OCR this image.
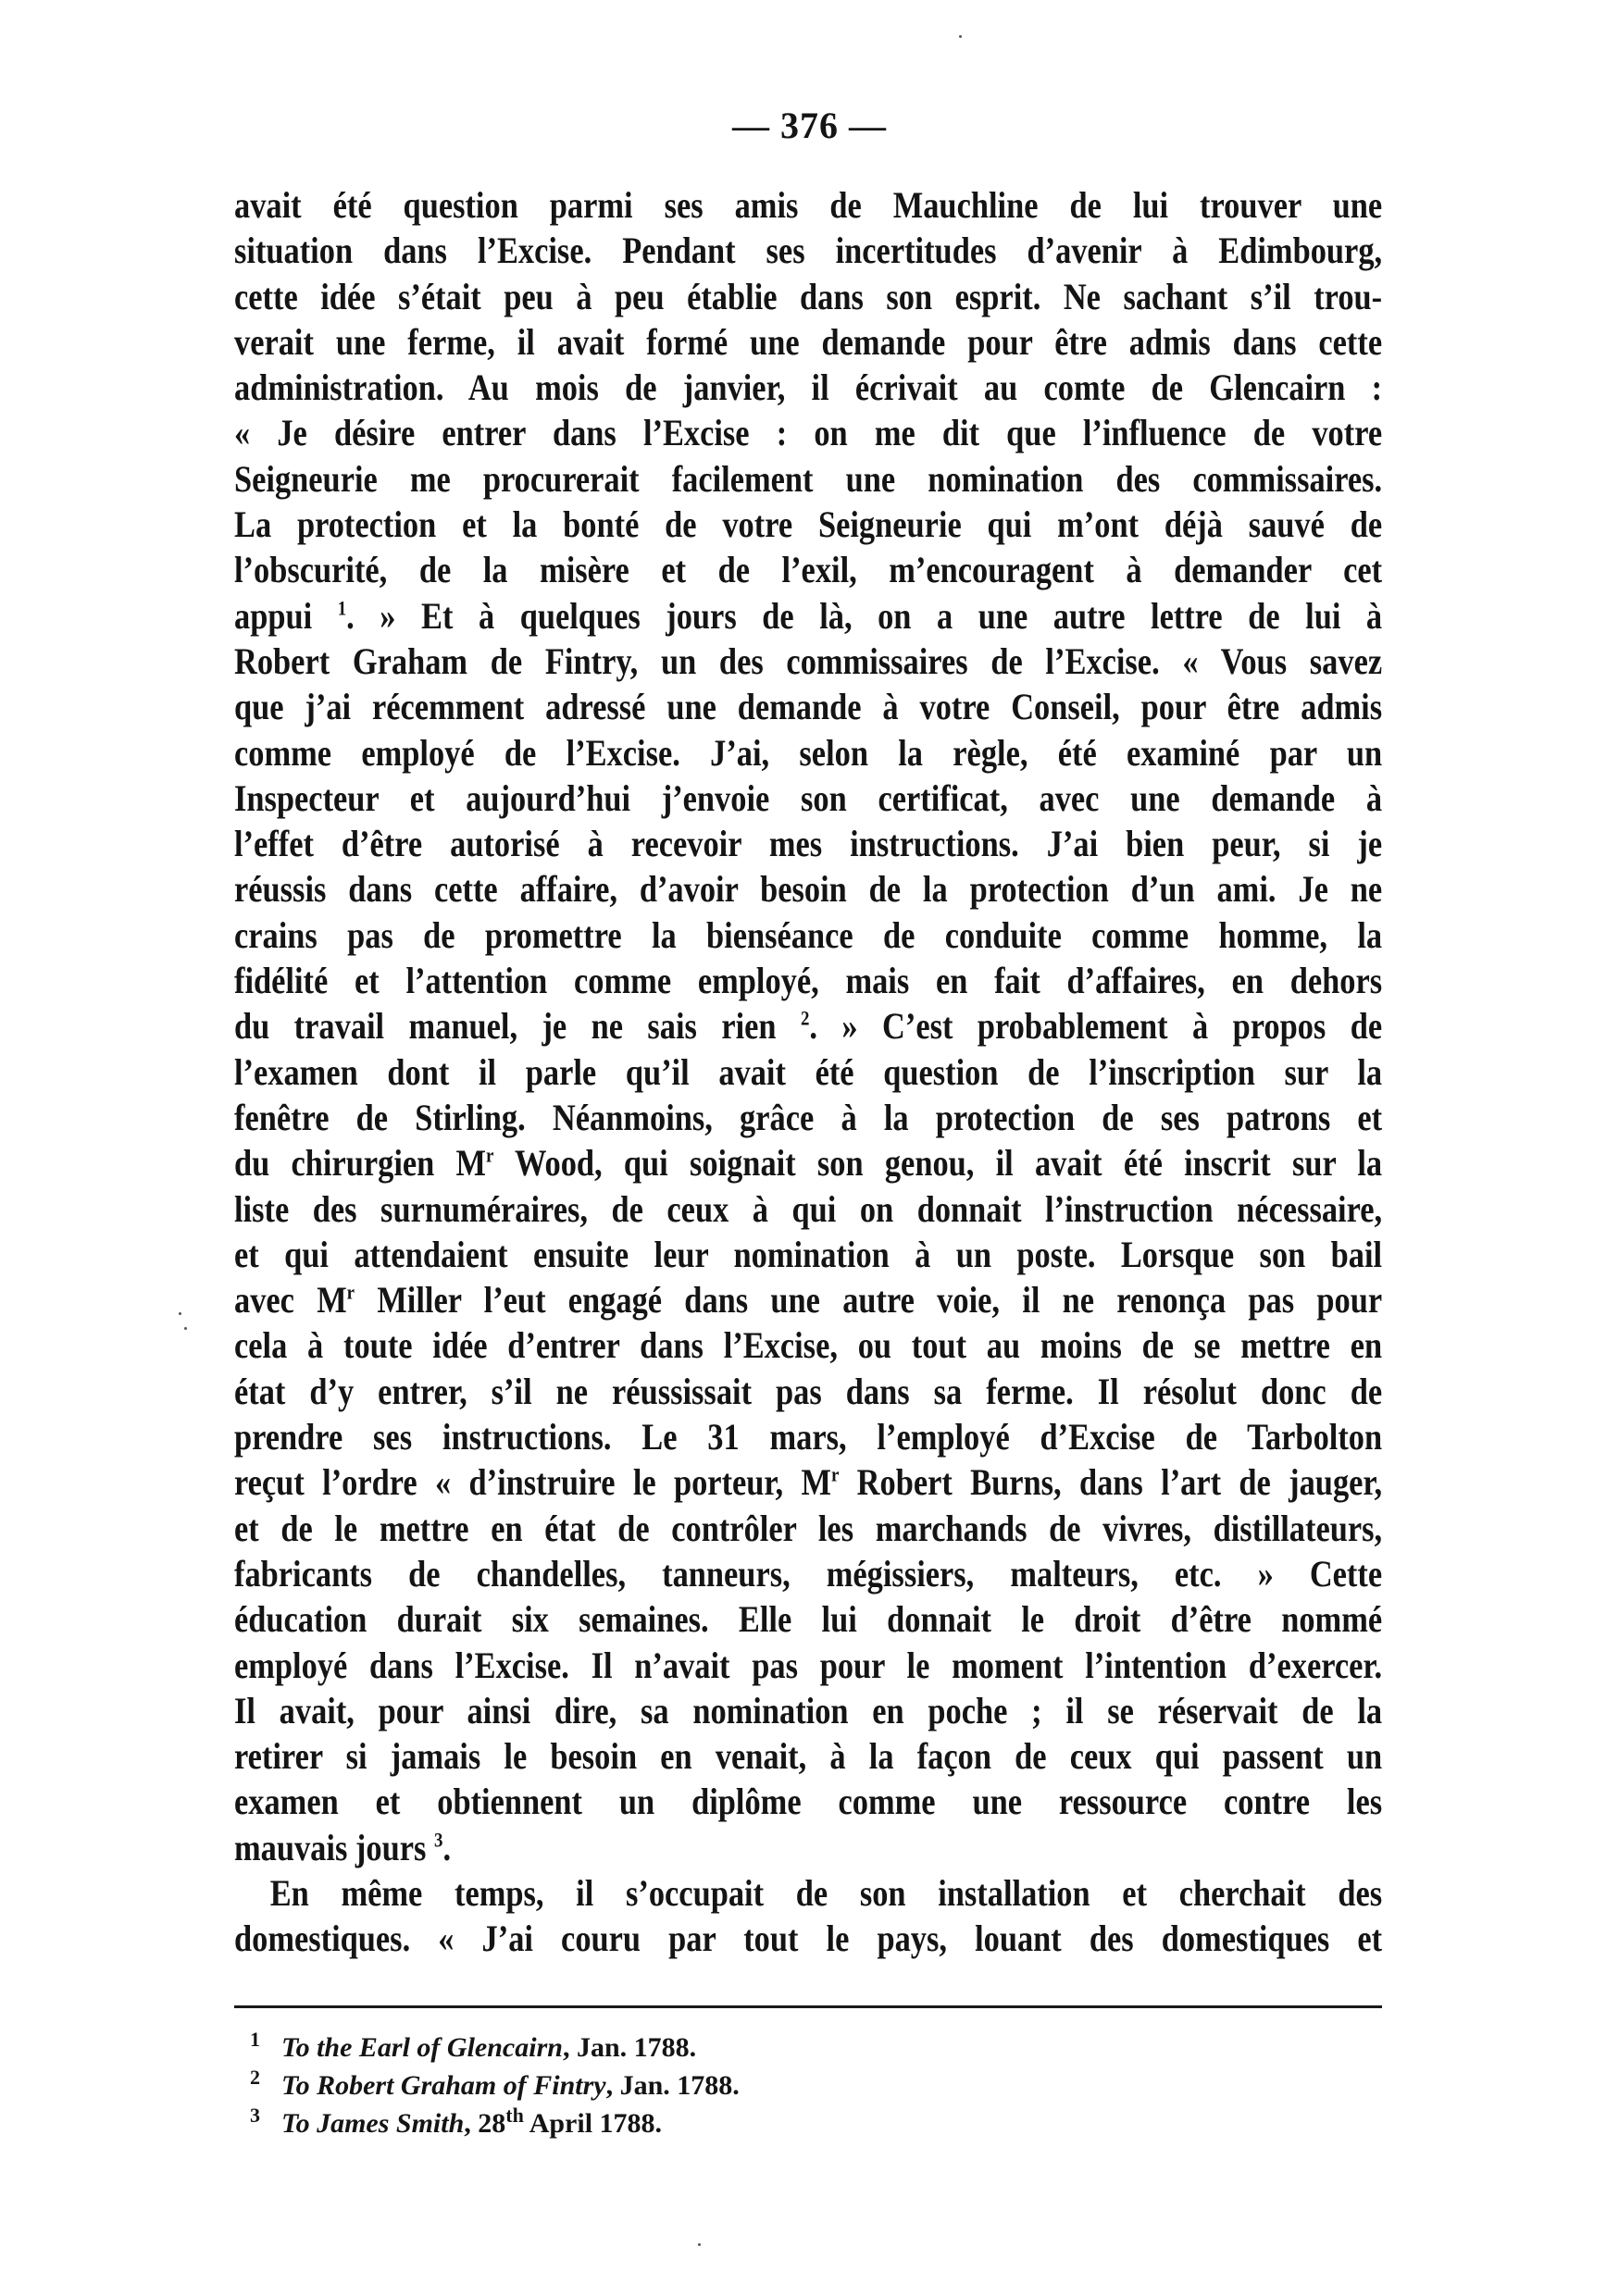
— 376 —
avait été question parmi ses amis de Mauchline de lui trouver une
situation dans l’Excise. Pendant ses incertitudes d’avenir à Edimbourg,
cette idée s’était peu à peu établie dans son esprit. Ne sachant s’il trou-
verait une ferme, il avait formé une demande pour être admis dans cette
administration. Au mois de janvier, il écrivait au comte de Glencairn :
« Je désire entrer dans l’Excise : on me dit que l’influence de votre
Seigneurie me procurerait facilement une nomination des commissaires.
La protection et la bonté de votre Seigneurie qui m’ont déjà sauvé de
l’obscurité, de la misère et de l’exil, m’encouragent à demander cet
appui $^1$. » Et à quelques jours de là, on a une autre lettre de lui à
Robert Graham de Fintry, un des commissaires de l’Excise. « Vous savez
que j’ai récemment adressé une demande à votre Conseil, pour être admis
comme employé de l’Excise. J’ai, selon la règle, été examiné par un
Inspecteur et aujourd’hui j’envoie son certificat, avec une demande à
l’effet d’être autorisé à recevoir mes instructions. J’ai bien peur, si je
réussis dans cette affaire, d’avoir besoin de la protection d’un ami. Je ne
crains pas de promettre la bienséance de conduite comme homme, la
fidélité et l’attention comme employé, mais en fait d’affaires, en dehors
du travail manuel, je ne sais rien $^2$. » C’est probablement à propos de
l’examen dont il parle qu’il avait été question de l’inscription sur la
fenêtre de Stirling. Néanmoins, grâce à la protection de ses patrons et
du chirurgien $M^r$ Wood, qui soignait son genou, il avait été inscrit sur la
liste des surnuméraires, de ceux à qui on donnait l’instruction nécessaire,
et qui attendaient ensuite leur nomination à un poste. Lorsque son bail
avec $M^r$ Miller l’eut engagé dans une autre voie, il ne renonça pas pour
cela à toute idée d’entrer dans l’Excise, ou tout au moins de se mettre en
état d’y entrer, s’il ne réussissait pas dans sa ferme. Il résolut donc de
prendre ses instructions. Le 31 mars, l’employé d’Excise de Tarbolton
reçut l’ordre « d’instruire le porteur, $M^r$ Robert Burns, dans l’art de jauger,
et de le mettre en état de contrôler les marchands de vivres, distillateurs,
fabricants de chandelles, tanneurs, mégissiers, malteurs, etc. » Cette
éducation durait six semaines. Elle lui donnait le droit d’être nommé
employé dans l’Excise. Il n’avait pas pour le moment l’intention d’exercer.
Il avait, pour ainsi dire, sa nomination en poche ; il se réservait de la
retirer si jamais le besoin en venait, à la façon de ceux qui passent un
examen et obtiennent un diplôme comme une ressource contre les
mauvais jours $^3$.
En même temps, il s’occupait de son installation et cherchait des
domestiques. « J’ai couru par tout le pays, louant des domestiques et
1 To the Earl of Glencairn, Jan. 1788.
2 To Robert Graham of Fintry, Jan. 1788.
3 To James Smith, 28th April 1788.
